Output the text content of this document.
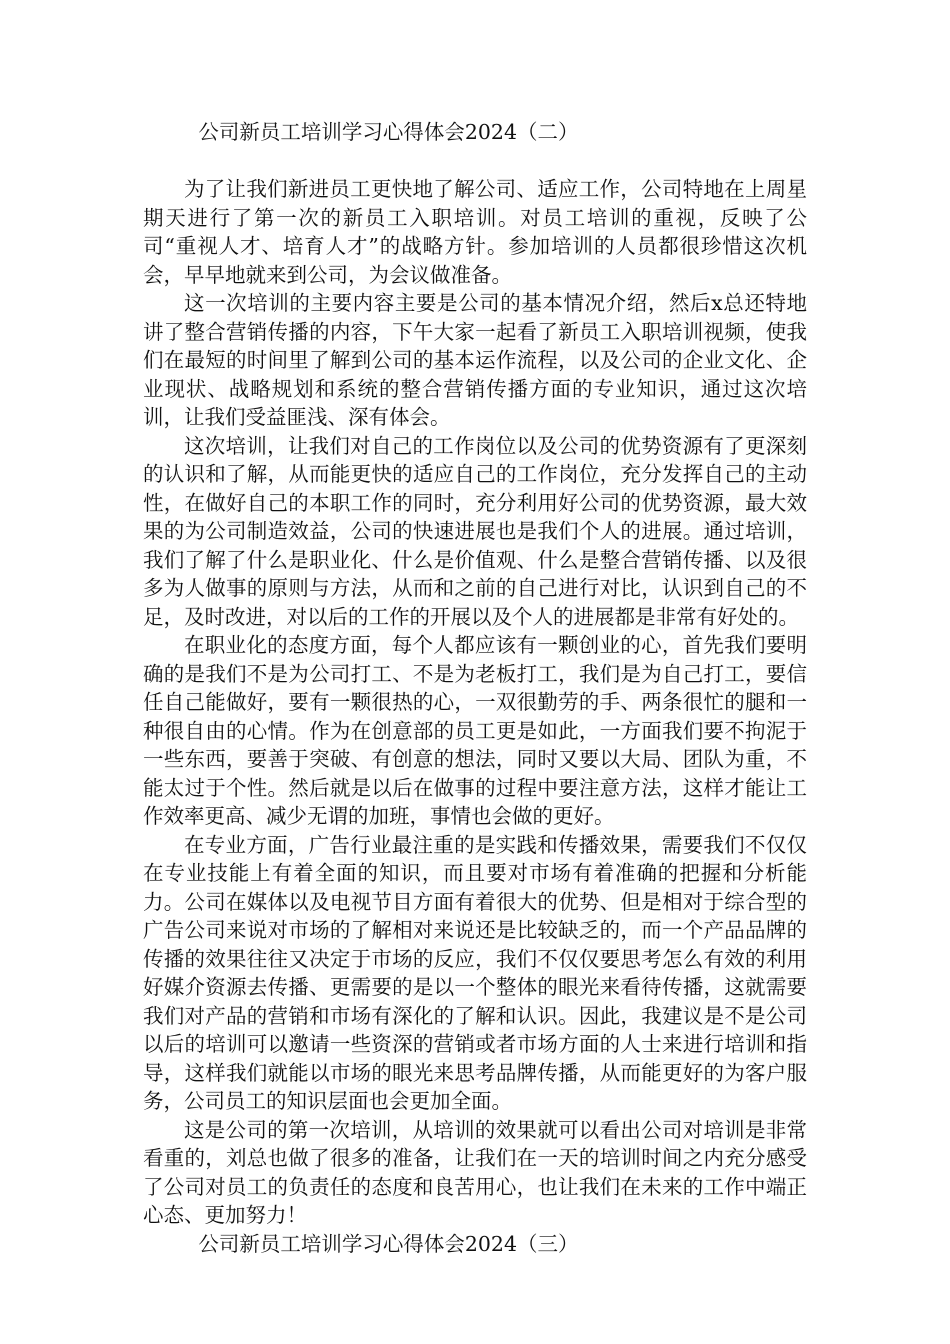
公司新员工培训学习心得体会2024（二）

为了让我们新进员工更快地了解公司、适应工作，公司特地在上周星期天进行了第一次的新员工入职培训。对员工培训的重视，反映了公司“重视人才、培育人才”的战略方针。参加培训的人员都很珍惜这次机会，早早地就来到公司，为会议做准备。

这一次培训的主要内容主要是公司的基本情况介绍，然后x总还特地讲了整合营销传播的内容，下午大家一起看了新员工入职培训视频，使我们在最短的时间里了解到公司的基本运作流程，以及公司的企业文化、企业现状、战略规划和系统的整合营销传播方面的专业知识，通过这次培训，让我们受益匪浅、深有体会。

这次培训，让我们对自己的工作岗位以及公司的优势资源有了更深刻的认识和了解，从而能更快的适应自己的工作岗位，充分发挥自己的主动性，在做好自己的本职工作的同时，充分利用好公司的优势资源，最大效果的为公司制造效益，公司的快速进展也是我们个人的进展。通过培训，我们了解了什么是职业化、什么是价值观、什么是整合营销传播、以及很多为人做事的原则与方法，从而和之前的自己进行对比，认识到自己的不足，及时改进，对以后的工作的开展以及个人的进展都是非常有好处的。

在职业化的态度方面，每个人都应该有一颗创业的心，首先我们要明确的是我们不是为公司打工、不是为老板打工，我们是为自己打工，要信任自己能做好，要有一颗很热的心，一双很勤劳的手、两条很忙的腿和一种很自由的心情。作为在创意部的员工更是如此，一方面我们要不拘泥于一些东西，要善于突破、有创意的想法，同时又要以大局、团队为重，不能太过于个性。然后就是以后在做事的过程中要注意方法，这样才能让工作效率更高、减少无谓的加班，事情也会做的更好。

在专业方面，广告行业最注重的是实践和传播效果，需要我们不仅仅在专业技能上有着全面的知识，而且要对市场有着准确的把握和分析能力。公司在媒体以及电视节目方面有着很大的优势、但是相对于综合型的广告公司来说对市场的了解相对来说还是比较缺乏的，而一个产品品牌的传播的效果往往又决定于市场的反应，我们不仅仅要思考怎么有效的利用好媒介资源去传播、更需要的是以一个整体的眼光来看待传播，这就需要我们对产品的营销和市场有深化的了解和认识。因此，我建议是不是公司以后的培训可以邀请一些资深的营销或者市场方面的人士来进行培训和指导，这样我们就能以市场的眼光来思考品牌传播，从而能更好的为客户服务，公司员工的知识层面也会更加全面。

这是公司的第一次培训，从培训的效果就可以看出公司对培训是非常看重的，刘总也做了很多的准备，让我们在一天的培训时间之内充分感受了公司对员工的负责任的态度和良苦用心，也让我们在未来的工作中端正心态、更加努力！

公司新员工培训学习心得体会2024（三）
